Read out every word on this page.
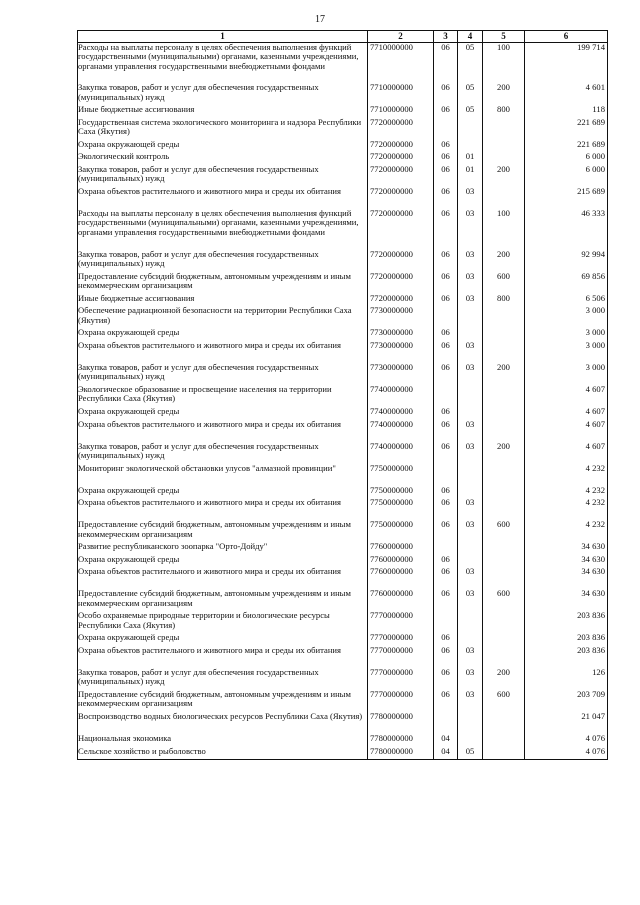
17
1	2	3	4	5	6
Расходы на выплаты персоналу в целях обеспечения выполнения функций государственными (муниципальными) органами, казенными учреждениями, органами управления государственными внебюджетными фондами	7710000000	06	05	100	199 714
Закупка товаров, работ и услуг для обеспечения государственных (муниципальных) нужд	7710000000	06	05	200	4 601
Иные бюджетные ассигнования	7710000000	06	05	800	118
Государственная система экологического мониторинга и надзора Республики Саха (Якутия)	7720000000				221 689
Охрана окружающей среды	7720000000	06			221 689
Экологический контроль	7720000000	06	01		6 000
Закупка товаров, работ и услуг для обеспечения государственных (муниципальных) нужд	7720000000	06	01	200	6 000
Охрана объектов растительного и животного мира и среды их обитания	7720000000	06	03		215 689
Расходы на выплаты персоналу в целях обеспечения выполнения функций государственными (муниципальными) органами, казенными учреждениями, органами управления государственными внебюджетными фондами	7720000000	06	03	100	46 333
Закупка товаров, работ и услуг для обеспечения государственных (муниципальных) нужд	7720000000	06	03	200	92 994
Предоставление субсидий бюджетным, автономным учреждениям и иным некоммерческим организациям	7720000000	06	03	600	69 856
Иные бюджетные ассигнования	7720000000	06	03	800	6 506
Обеспечение радиационной безопасности на территории Республики Саха (Якутия)	7730000000				3 000
Охрана окружающей среды	7730000000	06			3 000
Охрана объектов растительного и животного мира и среды их обитания	7730000000	06	03		3 000
Закупка товаров, работ и услуг для обеспечения государственных (муниципальных) нужд	7730000000	06	03	200	3 000
Экологическое образование и просвещение населения на территории Республики Саха (Якутия)	7740000000				4 607
Охрана окружающей среды	7740000000	06			4 607
Охрана объектов растительного и животного мира и среды их обитания	7740000000	06	03		4 607
Закупка товаров, работ и услуг для обеспечения государственных (муниципальных) нужд	7740000000	06	03	200	4 607
Мониторинг экологической обстановки улусов "алмазной провинции"	7750000000				4 232
Охрана окружающей среды	7750000000	06			4 232
Охрана объектов растительного и животного мира и среды их обитания	7750000000	06	03		4 232
Предоставление субсидий бюджетным, автономным учреждениям и иным некоммерческим организациям	7750000000	06	03	600	4 232
Развитие республиканского зоопарка "Орто-Дойду"	7760000000				34 630
Охрана окружающей среды	7760000000	06			34 630
Охрана объектов растительного и животного мира и среды их обитания	7760000000	06	03		34 630
Предоставление субсидий бюджетным, автономным учреждениям и иным некоммерческим организациям	7760000000	06	03	600	34 630
Особо охраняемые природные территории и биологические ресурсы Республики Саха (Якутия)	7770000000				203 836
Охрана окружающей среды	7770000000	06			203 836
Охрана объектов растительного и животного мира и среды их обитания	7770000000	06	03		203 836
Закупка товаров, работ и услуг для обеспечения государственных (муниципальных) нужд	7770000000	06	03	200	126
Предоставление субсидий бюджетным, автономным учреждениям и иным некоммерческим организациям	7770000000	06	03	600	203 709
Воспроизводство водных биологических ресурсов Республики Саха (Якутия)	7780000000				21 047
Национальная экономика	7780000000	04			4 076
Сельское хозяйство и рыболовство	7780000000	04	05		4 076
